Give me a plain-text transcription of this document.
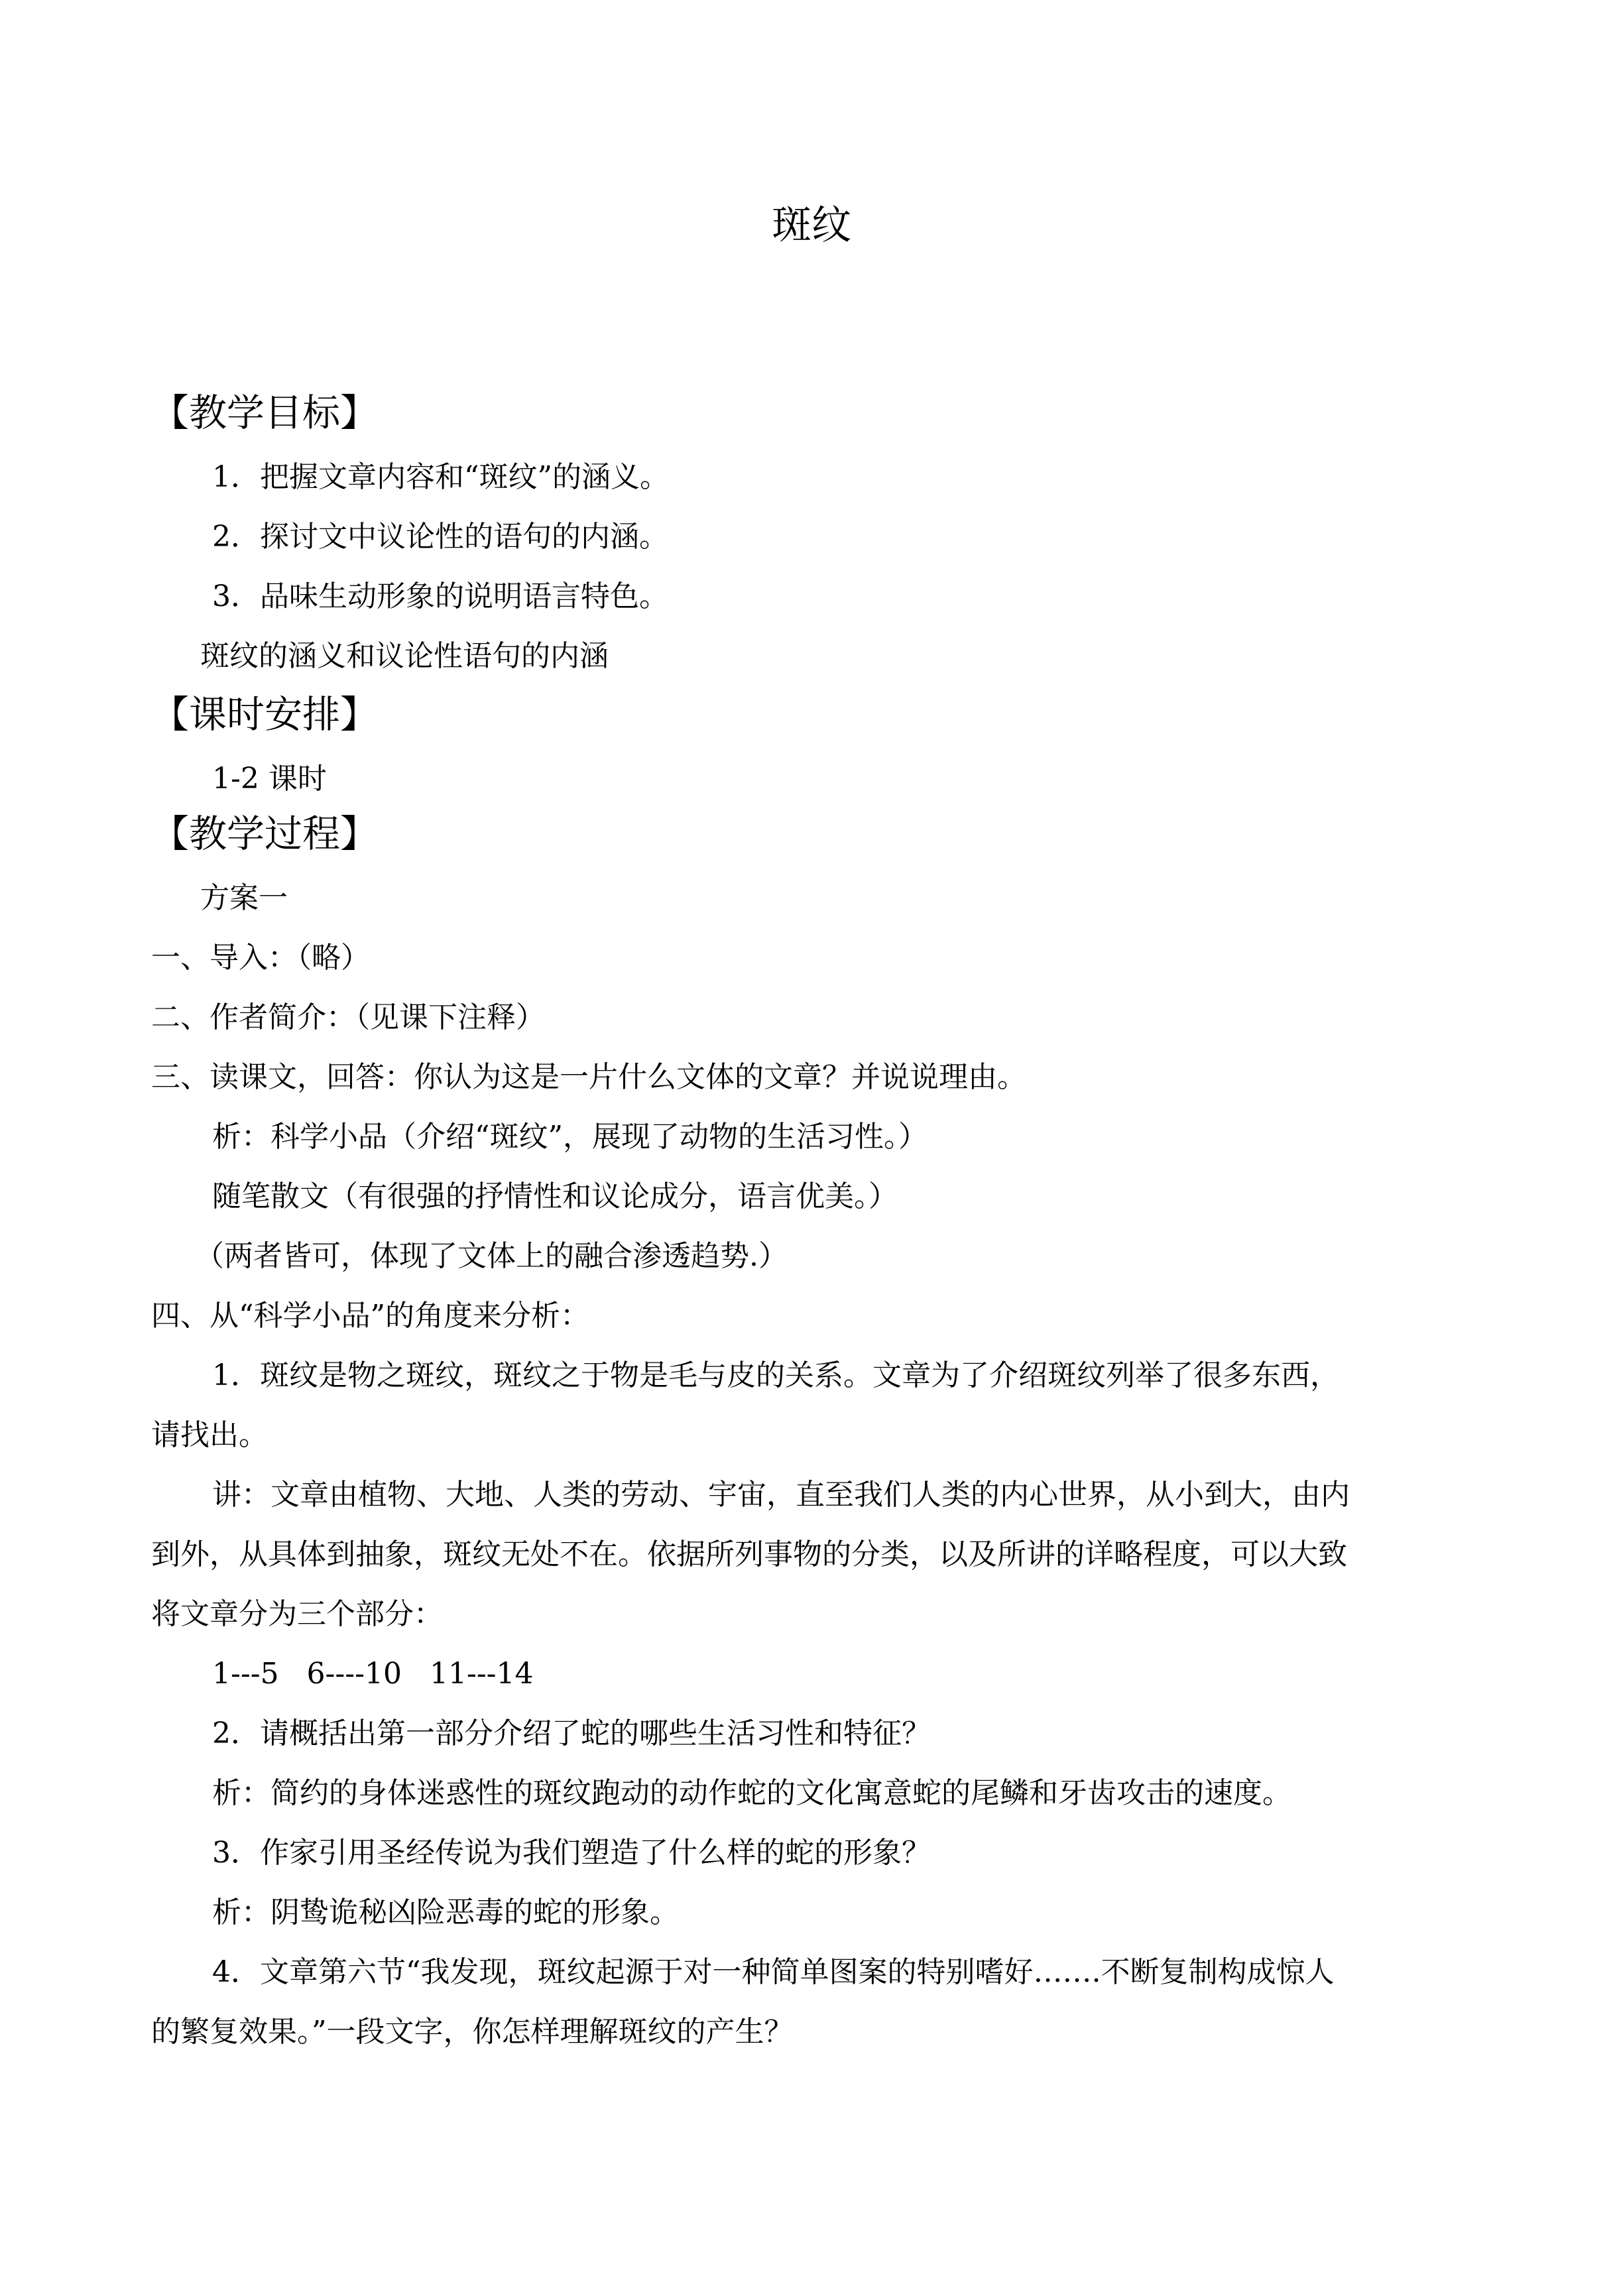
斑纹
【教学目标】
1．把握文章内容和“斑纹”的涵义。
2．探讨文中议论性的语句的内涵。
3．品味生动形象的说明语言特色。
斑纹的涵义和议论性语句的内涵
【课时安排】
1-2 课时
【教学过程】
方案一
一、导入：（略）
二、作者简介：（见课下注释）
三、读课文，回答：你认为这是一片什么文体的文章？并说说理由。
析：科学小品（介绍“斑纹”，展现了动物的生活习性。）
随笔散文（有很强的抒情性和议论成分，语言优美。）
（两者皆可，体现了文体上的融合渗透趋势.）
四、从“科学小品”的角度来分析：
1．斑纹是物之斑纹，斑纹之于物是毛与皮的关系。文章为了介绍斑纹列举了很多东西，
请找出。
讲：文章由植物、大地、人类的劳动、宇宙，直至我们人类的内心世界，从小到大，由内
到外，从具体到抽象，斑纹无处不在。依据所列事物的分类，以及所讲的详略程度，可以大致
将文章分为三个部分：
1---5   6----10   11---14
2．请概括出第一部分介绍了蛇的哪些生活习性和特征？
析：简约的身体迷惑性的斑纹跑动的动作蛇的文化寓意蛇的尾鳞和牙齿攻击的速度。
3．作家引用圣经传说为我们塑造了什么样的蛇的形象？
析：阴鸷诡秘凶险恶毒的蛇的形象。
4．文章第六节“我发现，斑纹起源于对一种简单图案的特别嗜好…….不断复制构成惊人
的繁复效果。”一段文字，你怎样理解斑纹的产生？
